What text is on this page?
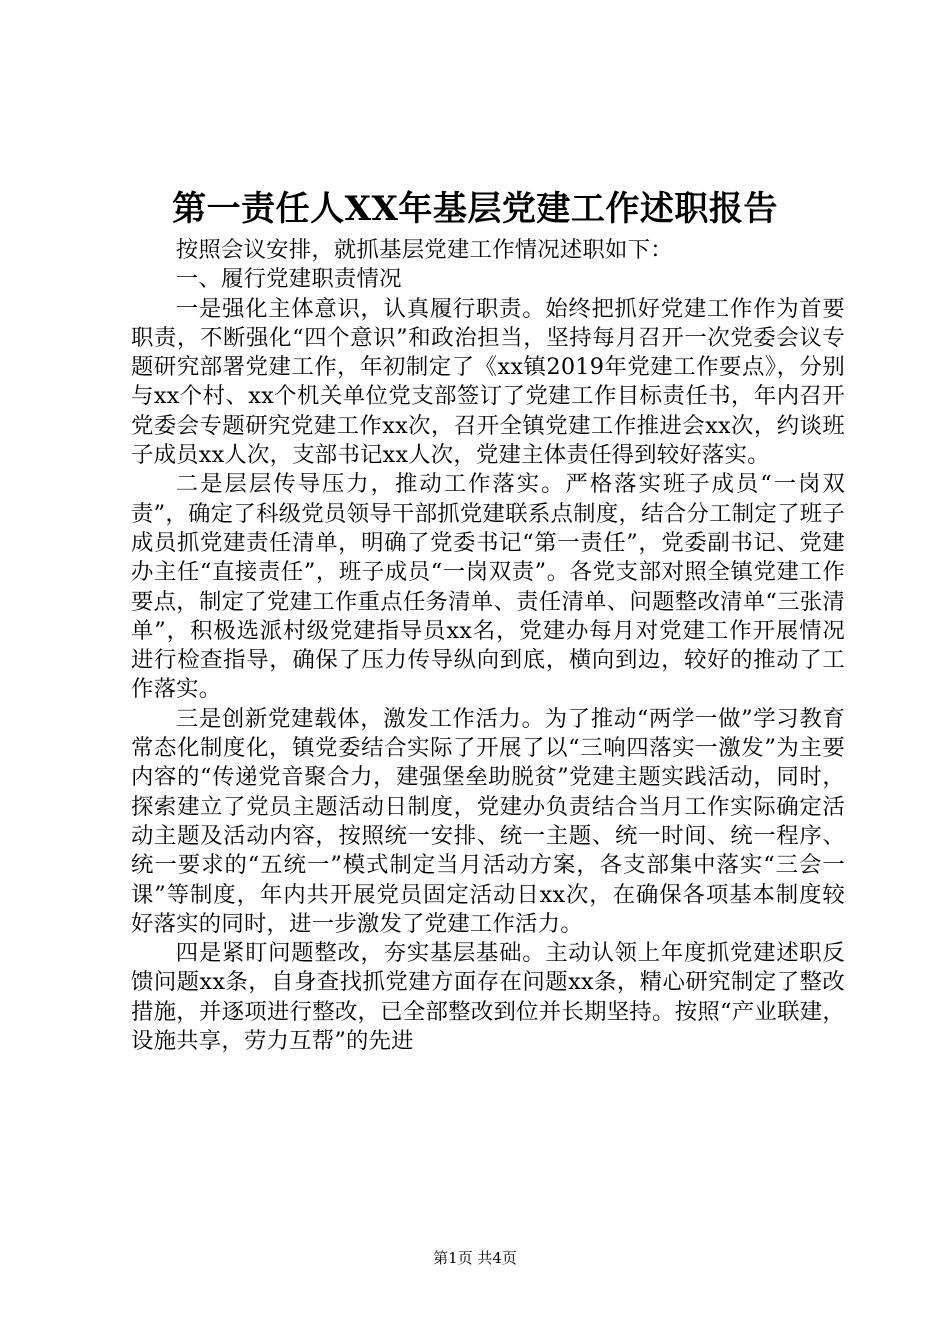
第一责任人XX年基层党建工作述职报告

按照会议安排，就抓基层党建工作情况述职如下：

一、履行党建职责情况

一是强化主体意识，认真履行职责。始终把抓好党建工作作为首要职责，不断强化“四个意识”和政治担当，坚持每月召开一次党委会议专题研究部署党建工作，年初制定了《xx镇2019年党建工作要点》，分别与xx个村、xx个机关单位党支部签订了党建工作目标责任书，年内召开党委会专题研究党建工作xx次，召开全镇党建工作推进会xx次，约谈班子成员xx人次，支部书记xx人次，党建主体责任得到较好落实。

二是层层传导压力，推动工作落实。严格落实班子成员“一岗双责”，确定了科级党员领导干部抓党建联系点制度，结合分工制定了班子成员抓党建责任清单，明确了党委书记“第一责任”，党委副书记、党建办主任“直接责任”，班子成员“一岗双责”。各党支部对照全镇党建工作要点，制定了党建工作重点任务清单、责任清单、问题整改清单“三张清单”，积极选派村级党建指导员xx名，党建办每月对党建工作开展情况进行检查指导，确保了压力传导纵向到底，横向到边，较好的推动了工作落实。

三是创新党建载体，激发工作活力。为了推动“两学一做”学习教育常态化制度化，镇党委结合实际了开展了以“三响四落实一激发”为主要内容的“传递党音聚合力，建强堡垒助脱贫”党建主题实践活动，同时，探索建立了党员主题活动日制度，党建办负责结合当月工作实际确定活动主题及活动内容，按照统一安排、统一主题、统一时间、统一程序、统一要求的“五统一”模式制定当月活动方案，各支部集中落实“三会一课”等制度，年内共开展党员固定活动日xx次，在确保各项基本制度较好落实的同时，进一步激发了党建工作活力。

四是紧盯问题整改，夯实基层基础。主动认领上年度抓党建述职反馈问题xx条，自身查找抓党建方面存在问题xx条，精心研究制定了整改措施，并逐项进行整改，已全部整改到位并长期坚持。按照“产业联建，设施共享，劳力互帮”的先进

第1页 共4页
